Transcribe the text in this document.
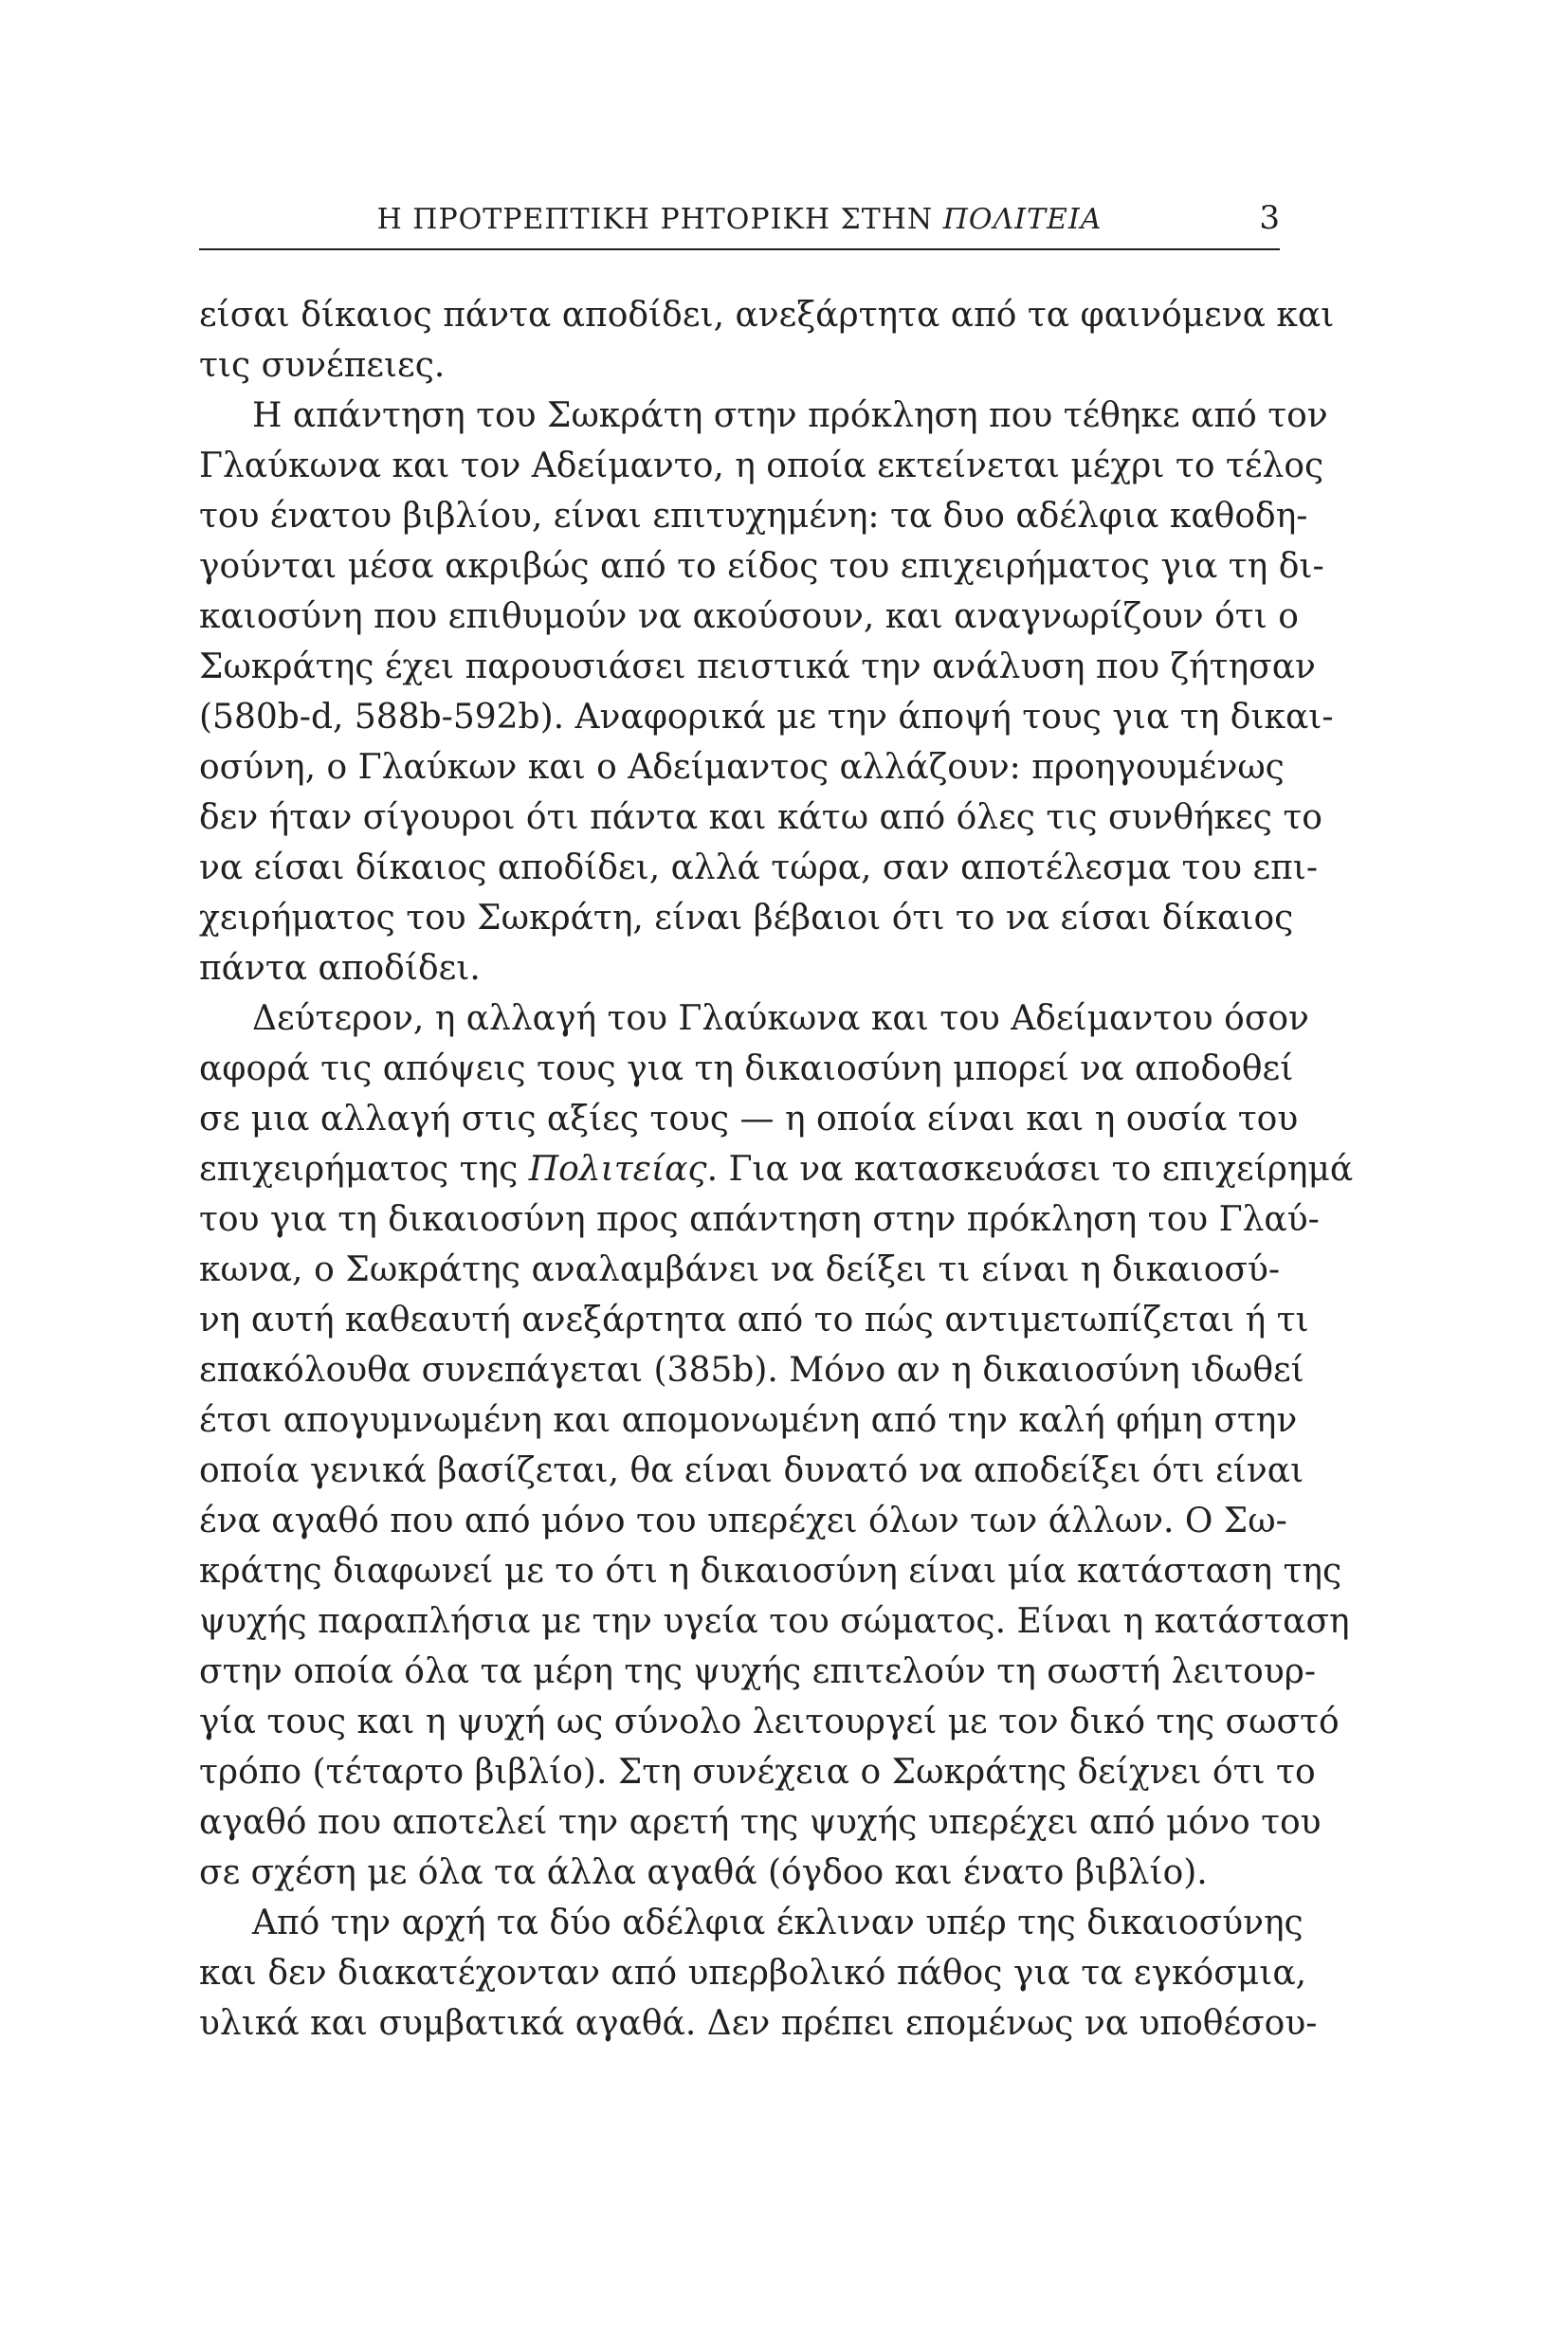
Η ΠΡΟΤΡΕΠΤΙΚΗ ΡΗΤΟΡΙΚΗ ΣΤΗΝ ΠΟΛΙΤΕΙΑ	3
είσαι δίκαιος πάντα αποδίδει, ανεξάρτητα από τα φαινόμενα και
τις συνέπειες.
Η απάντηση του Σωκράτη στην πρόκληση που τέθηκε από τον
Γλαύκωνα και τον Αδείμαντο, η οποία εκτείνεται μέχρι το τέλος
του ένατου βιβλίου, είναι επιτυχημένη: τα δυο αδέλφια καθοδη-
γούνται μέσα ακριβώς από το είδος του επιχειρήματος για τη δι-
καιοσύνη που επιθυμούν να ακούσουν, και αναγνωρίζουν ότι ο
Σωκράτης έχει παρουσιάσει πειστικά την ανάλυση που ζήτησαν
(580b-d, 588b-592b). Αναφορικά με την άποψή τους για τη δικαι-
οσύνη, ο Γλαύκων και ο Αδείμαντος αλλάζουν: προηγουμένως
δεν ήταν σίγουροι ότι πάντα και κάτω από όλες τις συνθήκες το
να είσαι δίκαιος αποδίδει, αλλά τώρα, σαν αποτέλεσμα του επι-
χειρήματος του Σωκράτη, είναι βέβαιοι ότι το να είσαι δίκαιος
πάντα αποδίδει.
Δεύτερον, η αλλαγή του Γλαύκωνα και του Αδείμαντου όσον
αφορά τις απόψεις τους για τη δικαιοσύνη μπορεί να αποδοθεί
σε μια αλλαγή στις αξίες τους — η οποία είναι και η ουσία του
επιχειρήματος της Πολιτείας. Για να κατασκευάσει το επιχείρημά
του για τη δικαιοσύνη προς απάντηση στην πρόκληση του Γλαύ-
κωνα, ο Σωκράτης αναλαμβάνει να δείξει τι είναι η δικαιοσύ-
νη αυτή καθεαυτή ανεξάρτητα από το πώς αντιμετωπίζεται ή τι
επακόλουθα συνεπάγεται (385b). Μόνο αν η δικαιοσύνη ιδωθεί
έτσι απογυμνωμένη και απομονωμένη από την καλή φήμη στην
οποία γενικά βασίζεται, θα είναι δυνατό να αποδείξει ότι είναι
ένα αγαθό που από μόνο του υπερέχει όλων των άλλων. Ο Σω-
κράτης διαφωνεί με το ότι η δικαιοσύνη είναι μία κατάσταση της
ψυχής παραπλήσια με την υγεία του σώματος. Είναι η κατάσταση
στην οποία όλα τα μέρη της ψυχής επιτελούν τη σωστή λειτουρ-
γία τους και η ψυχή ως σύνολο λειτουργεί με τον δικό της σωστό
τρόπο (τέταρτο βιβλίο). Στη συνέχεια ο Σωκράτης δείχνει ότι το
αγαθό που αποτελεί την αρετή της ψυχής υπερέχει από μόνο του
σε σχέση με όλα τα άλλα αγαθά (όγδοο και ένατο βιβλίο).
Από την αρχή τα δύο αδέλφια έκλιναν υπέρ της δικαιοσύνης
και δεν διακατέχονταν από υπερβολικό πάθος για τα εγκόσμια,
υλικά και συμβατικά αγαθά. Δεν πρέπει επομένως να υποθέσου-
